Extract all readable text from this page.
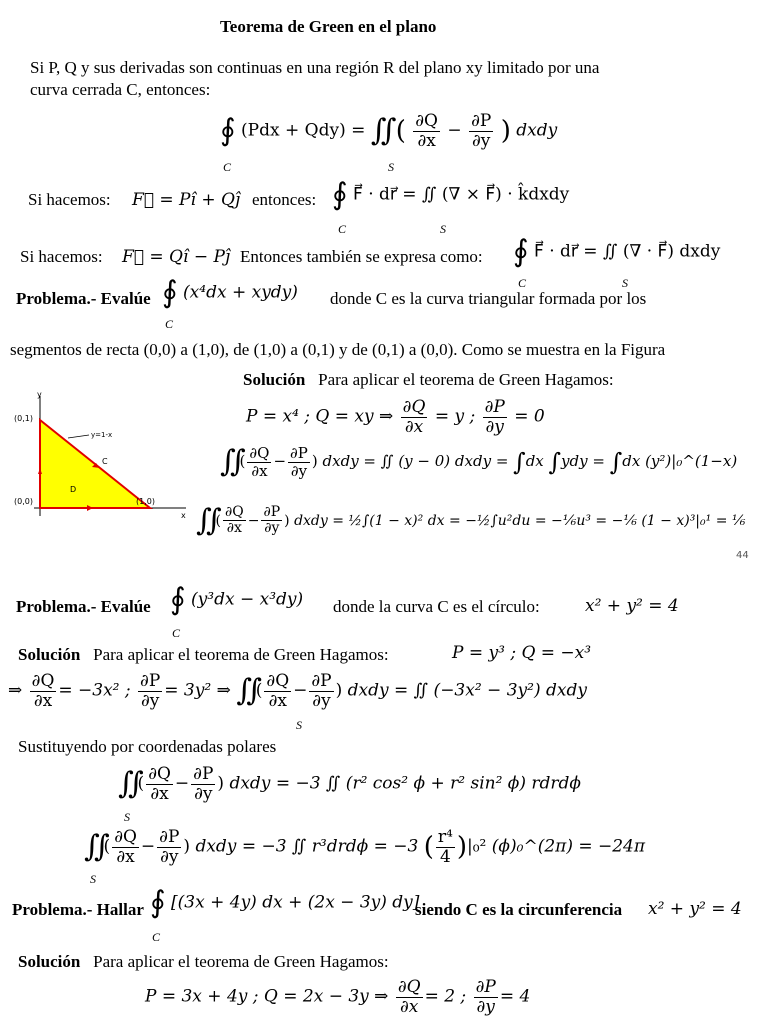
Teorema de Green en el plano
Si P, Q y sus derivadas son continuas en una región R del plano xy limitado por una
curva cerrada C, entonces:
∮ (Pdx + Qdy) = ∬ ( $\frac{\partial Q}{\partial x} - \frac{\partial P}{\partial y}$ ) dxdy
C	S
Si hacemos: F⃗ = Pî + Qĵ entonces: ∮ F⃗ · dr⃗ = ∬ (∇ × F⃗) · k̂dxdy
C	S
Si hacemos: F⃗ = Qî − Pĵ Entonces también se expresa como: ∮ F⃗ · dr⃗ = ∬ (∇ · F⃗) dxdy
C	S
Problema.- Evalúe ∮ (x⁴dx + xydy)
C
donde C es la curva triangular formada por los
segmentos de recta (0,0) a (1,0), de (1,0) a (0,1) y de (0,1) a (0,0). Como se muestra en la Figura
y
x
(0,1)
(0,0)	(1,0)
y=1-x
C
D
Solución Para aplicar el teorema de Green Hagamos:
P = x⁴ ; Q = xy ⇒ $\frac{\partial Q}{\partial x} = y$ ; $\frac{\partial P}{\partial y} = 0$
∬( $\frac{\partial Q}{\partial x} - \frac{\partial P}{\partial y}$ ) dxdy = ∬ (y − 0) dxdy = ∫dx ∫ydy = ∫dx (y²)|₀^(1−x)
∬( $\frac{\partial Q}{\partial x} - \frac{\partial P}{\partial y}$ ) dxdy = ½∫(1 − x)² dx = −½∫u²du = −⅙u³ = −⅙ (1 − x)³|₀¹ = ⅙
44
Problema.- Evalúe ∮ (y³dx − x³dy)
C
donde la curva C es el círculo:	x² + y² = 4
Solución Para aplicar el teorema de Green Hagamos:	P = y³ ; Q = −x³
⇒ $\frac{\partial Q}{\partial x} = -3x^2$ ; $\frac{\partial P}{\partial y} = 3y^2$ ⇒ ∬( $\frac{\partial Q}{\partial x} - \frac{\partial P}{\partial y}$ ) dxdy = ∬ (−3x² − 3y²) dxdy
S
Sustituyendo por coordenadas polares
∬( $\frac{\partial Q}{\partial x} - \frac{\partial P}{\partial y}$ ) dxdy = −3 ∬ (r² cos² ϕ + r² sin² ϕ) rdrdϕ
S
∬( $\frac{\partial Q}{\partial x} - \frac{\partial P}{\partial y}$ ) dxdy = −3 ∬ r³drdϕ = −3 ( $\frac{\text{r⁴}}{4} )|_0^2$ (ϕ)₀^(2π) = −24π
S
Problema.- Hallar ∮ [(3x + 4y) dx + (2x − 3y) dy]
C
siendo C es la circunferencia x² + y² = 4
Solución Para aplicar el teorema de Green Hagamos:
P = 3x + 4y ; Q = 2x − 3y ⇒ $\frac{\partial Q}{\partial x} = 2$ ; $\frac{\partial P}{\partial y} = 4$
